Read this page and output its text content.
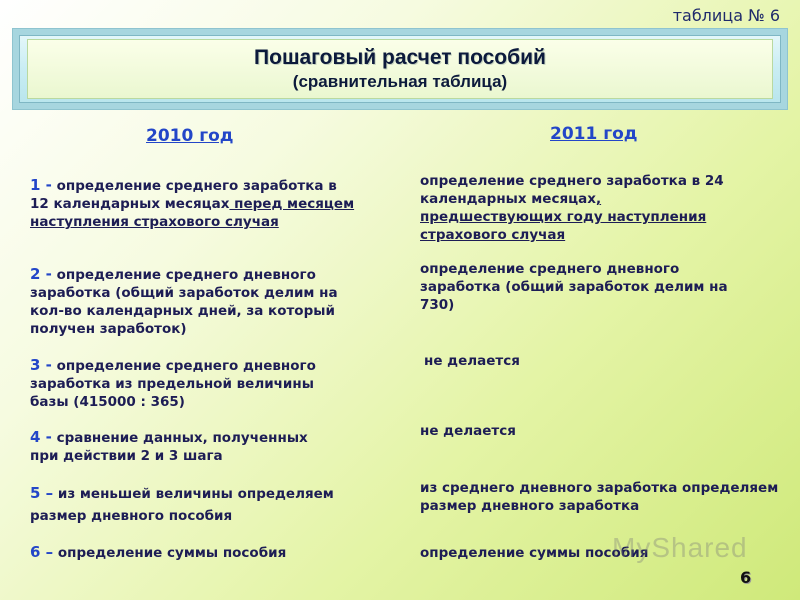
таблица № 6
Пошаговый расчет пособий
(сравнительная таблица)
2010 год	2011 год
1 - определение среднего заработка в 12 календарных месяцах перед месяцем наступления страхового случая
определение среднего заработка в 24 календарных месяцах, предшествующих году наступления страхового случая
2 - определение среднего дневного заработка (общий заработок делим на кол-во календарных дней, за который получен заработок)
определение среднего дневного заработка (общий заработок делим на 730)
3 - определение среднего дневного заработка из предельной величины базы (415000 : 365)
не делается
4 - сравнение данных, полученных при действии 2 и 3 шага
не делается
5 – из меньшей величины определяем размер дневного пособия
из среднего дневного заработка определяем размер дневного заработка
6 – определение суммы пособия	определение суммы пособия
MyShared
6
